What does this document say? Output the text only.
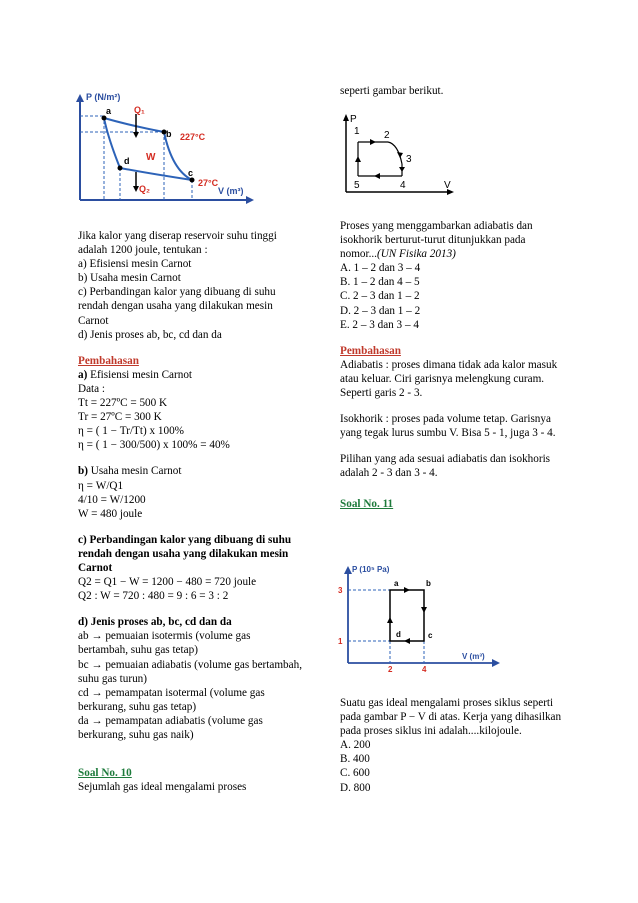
P (N/m²)
V (m³)
a
b
c
d
Q₁
Q₂
W
227°C
27°C
P
V
1 2
3
4
5
P (10⁵ Pa)
V (m³)
3
1
2	4
a	b
c
d

Jika kalor yang diserap reservoir suhu tinggi adalah 1200 joule, tentukan :

a) Efisiensi mesin Carnot

b) Usaha mesin Carnot

c) Perbandingan kalor yang dibuang di suhu rendah dengan usaha yang dilakukan mesin Carnot

d) Jenis proses ab, bc, cd dan da

Pembahasan

a) Efisiensi mesin Carnot

Data :

Tt = 227ºC = 500 K

Tr = 27ºC = 300 K

η = ( 1 − Tr/Tt) x 100%

η = ( 1 − 300/500) x 100% = 40%

b) Usaha mesin Carnot

η = W/Q1

4/10 = W/1200

W = 480 joule

c) Perbandingan kalor yang dibuang di suhu rendah dengan usaha yang dilakukan mesin Carnot

Q2 = Q1 − W = 1200 − 480 = 720 joule

Q2 : W = 720 : 480 = 9 : 6 = 3 : 2

d) Jenis proses ab, bc, cd dan da

ab → pemuaian isotermis (volume gas bertambah, suhu gas tetap)

bc → pemuaian adiabatis (volume gas bertambah, suhu gas turun)

cd → pemampatan isotermal (volume gas berkurang, suhu gas tetap)

da → pemampatan adiabatis (volume gas berkurang, suhu gas naik)

Soal No. 10

Sejumlah gas ideal mengalami proses

seperti gambar berikut.

Proses yang menggambarkan adiabatis dan isokhorik berturut-turut ditunjukkan pada nomor...(UN Fisika 2013)

A. 1 – 2 dan 3 – 4

B. 1 – 2 dan 4 – 5

C. 2 – 3 dan 1 – 2

D. 2 – 3 dan 1 – 2

E. 2 – 3 dan 3 – 4

Pembahasan

Adiabatis : proses dimana tidak ada kalor masuk atau keluar. Ciri garisnya melengkung curam. Seperti garis 2 - 3.

Isokhorik : proses pada volume tetap. Garisnya yang tegak lurus sumbu V. Bisa 5 - 1, juga 3 - 4.

Pilihan yang ada sesuai adiabatis dan isokhoris adalah 2 - 3 dan 3 - 4.

Soal No. 11

Suatu gas ideal mengalami proses siklus seperti pada gambar P − V di atas. Kerja yang dihasilkan pada proses siklus ini adalah....kilojoule.

A. 200

B. 400

C. 600

D. 800
